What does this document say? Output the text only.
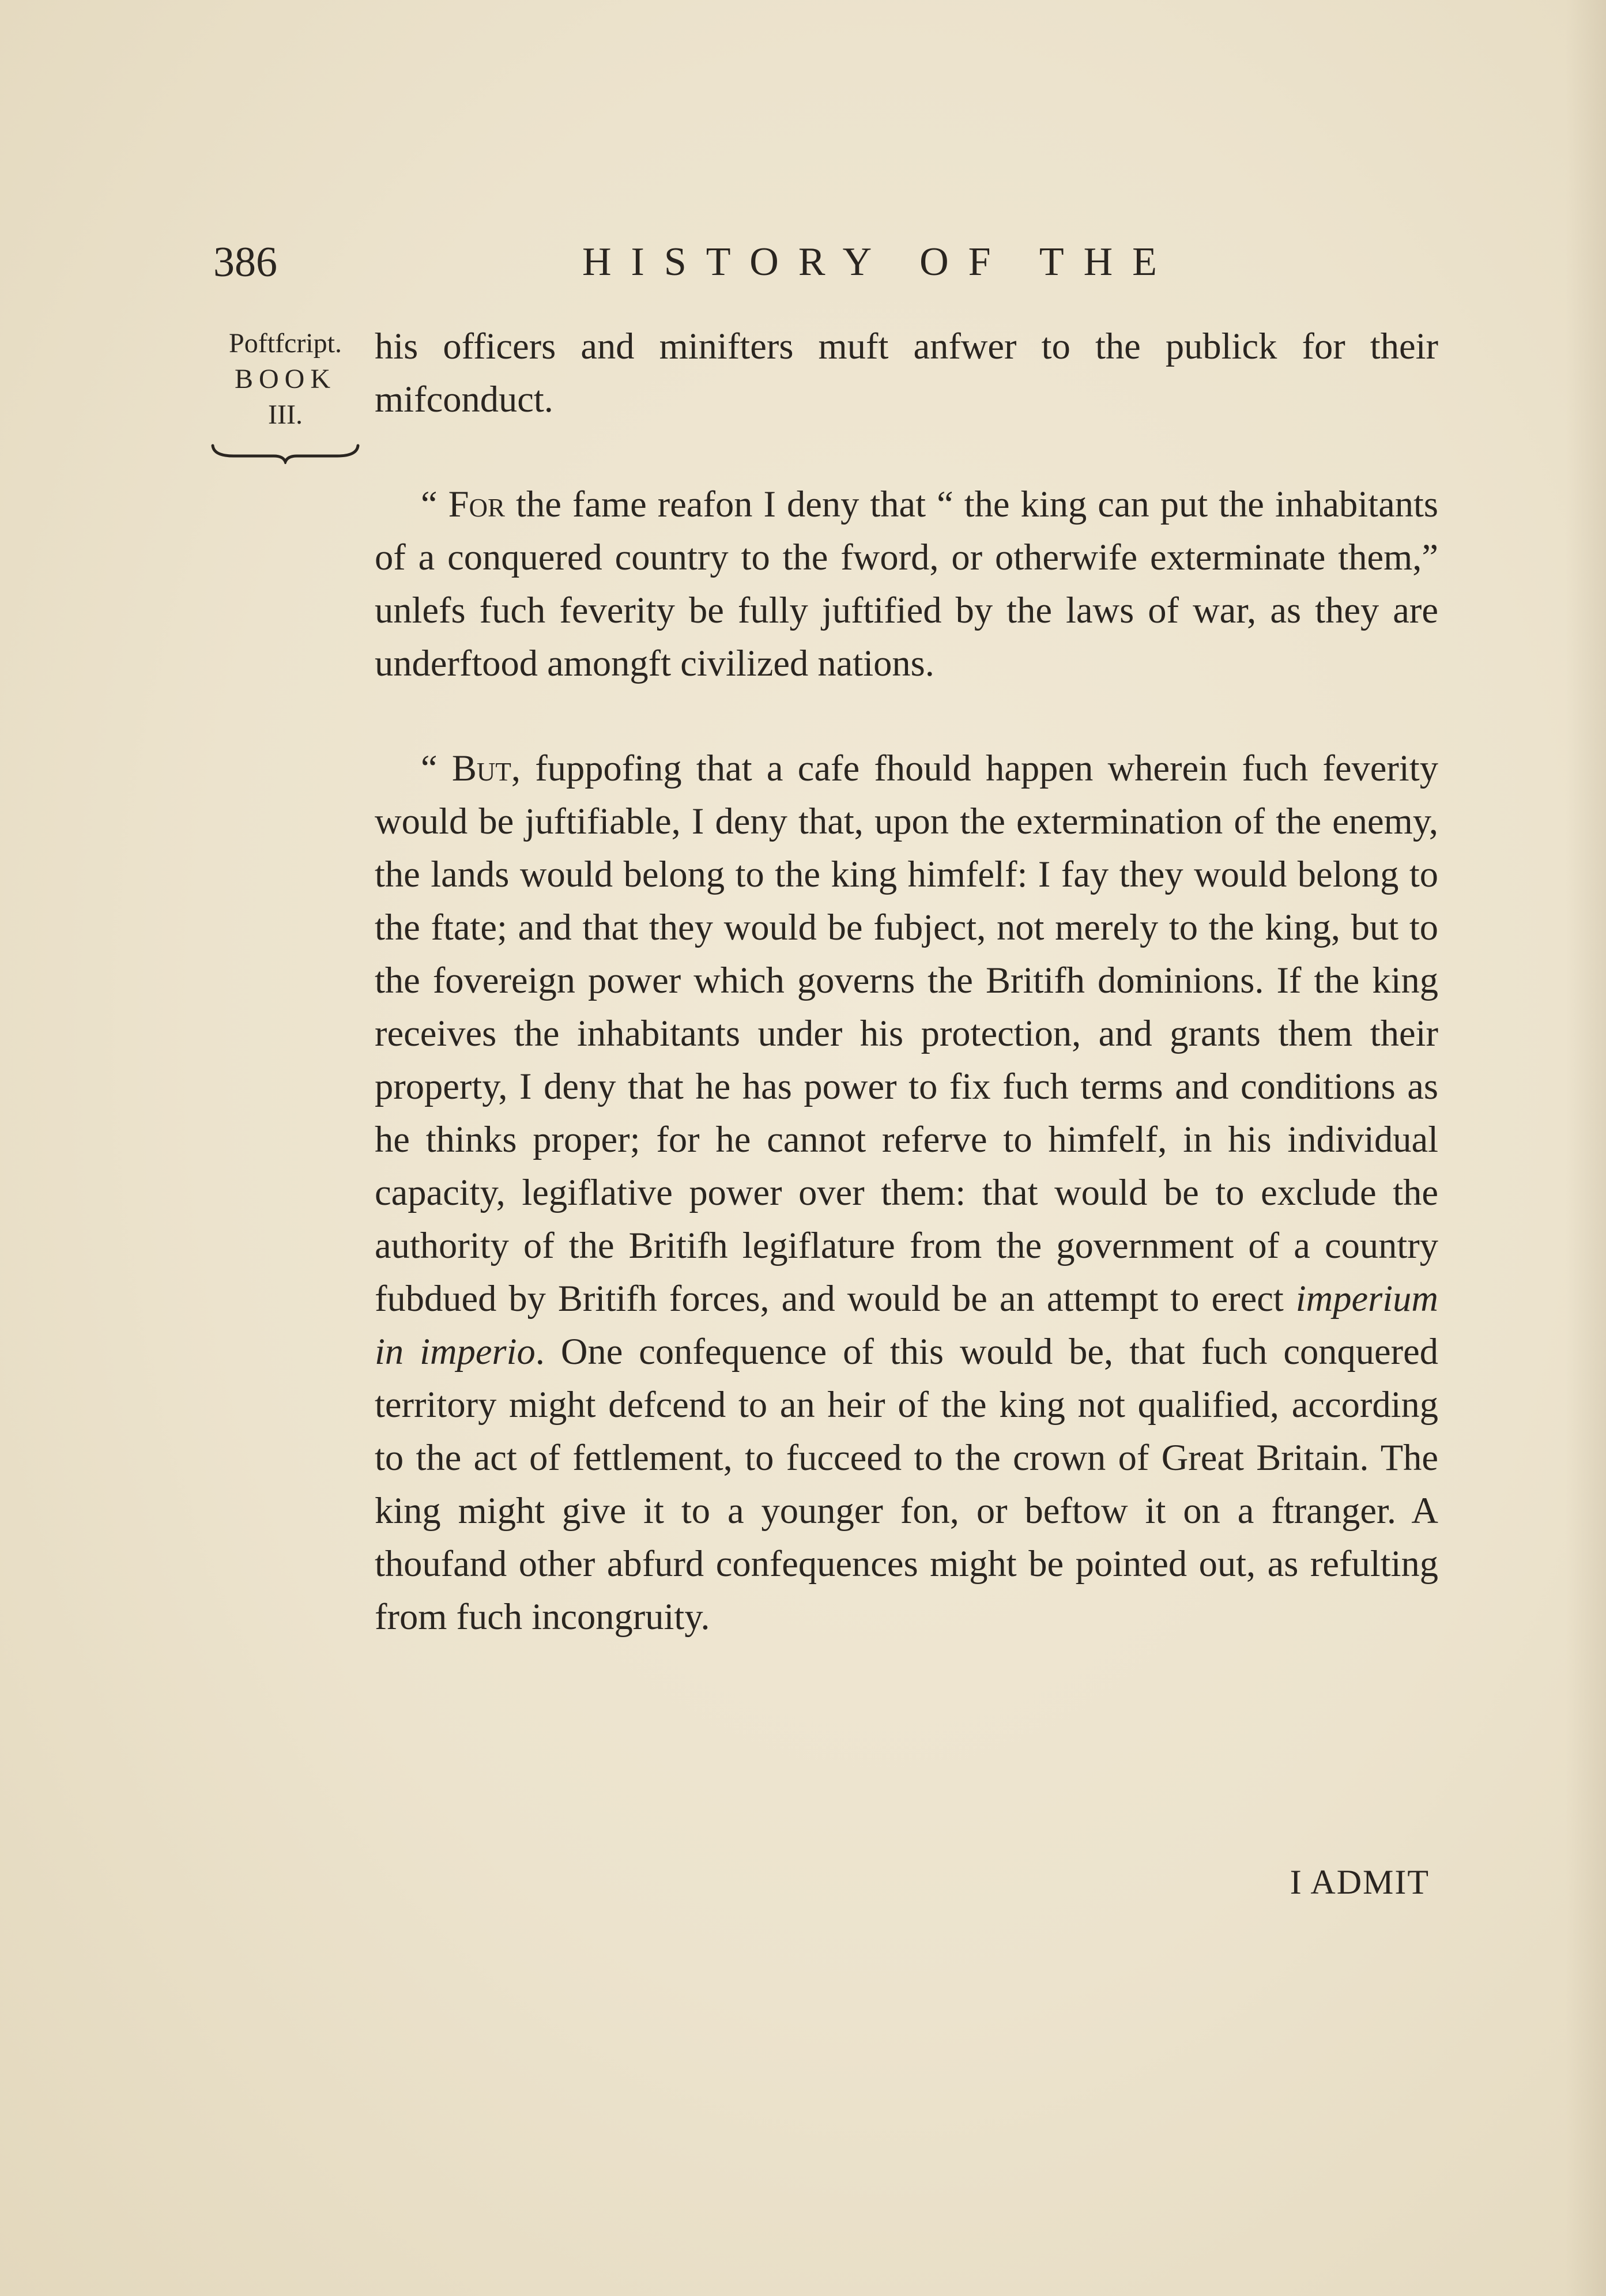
386	HISTORY OF THE
Poftfcript.
BOOK
III.

his officers and minifters muft anfwer to the publick for their mifconduct.

“ For the fame reafon I deny that “ the king can put the inhabitants of a conquered country to the fword, or otherwife exterminate them,” unlefs fuch feverity be fully juftified by the laws of war, as they are underftood amongft civilized nations.

“ But, fuppofing that a cafe fhould happen wherein fuch feverity would be juftifiable, I deny that, upon the extermination of the enemy, the lands would belong to the king himfelf: I fay they would belong to the ftate; and that they would be fubject, not merely to the king, but to the fovereign power which governs the Britifh dominions. If the king receives the inhabitants under his protection, and grants them their property, I deny that he has power to fix fuch terms and conditions as he thinks proper; for he cannot referve to himfelf, in his individual capacity, legiflative power over them: that would be to exclude the authority of the Britifh legiflature from the government of a country fubdued by Britifh forces, and would be an attempt to erect imperium in imperio. One confequence of this would be, that fuch conquered territory might defcend to an heir of the king not qualified, according to the act of fettlement, to fucceed to the crown of Great Britain. The king might give it to a younger fon, or beftow it on a ftranger. A thoufand other abfurd confequences might be pointed out, as refulting from fuch incongruity.

I ADMIT
